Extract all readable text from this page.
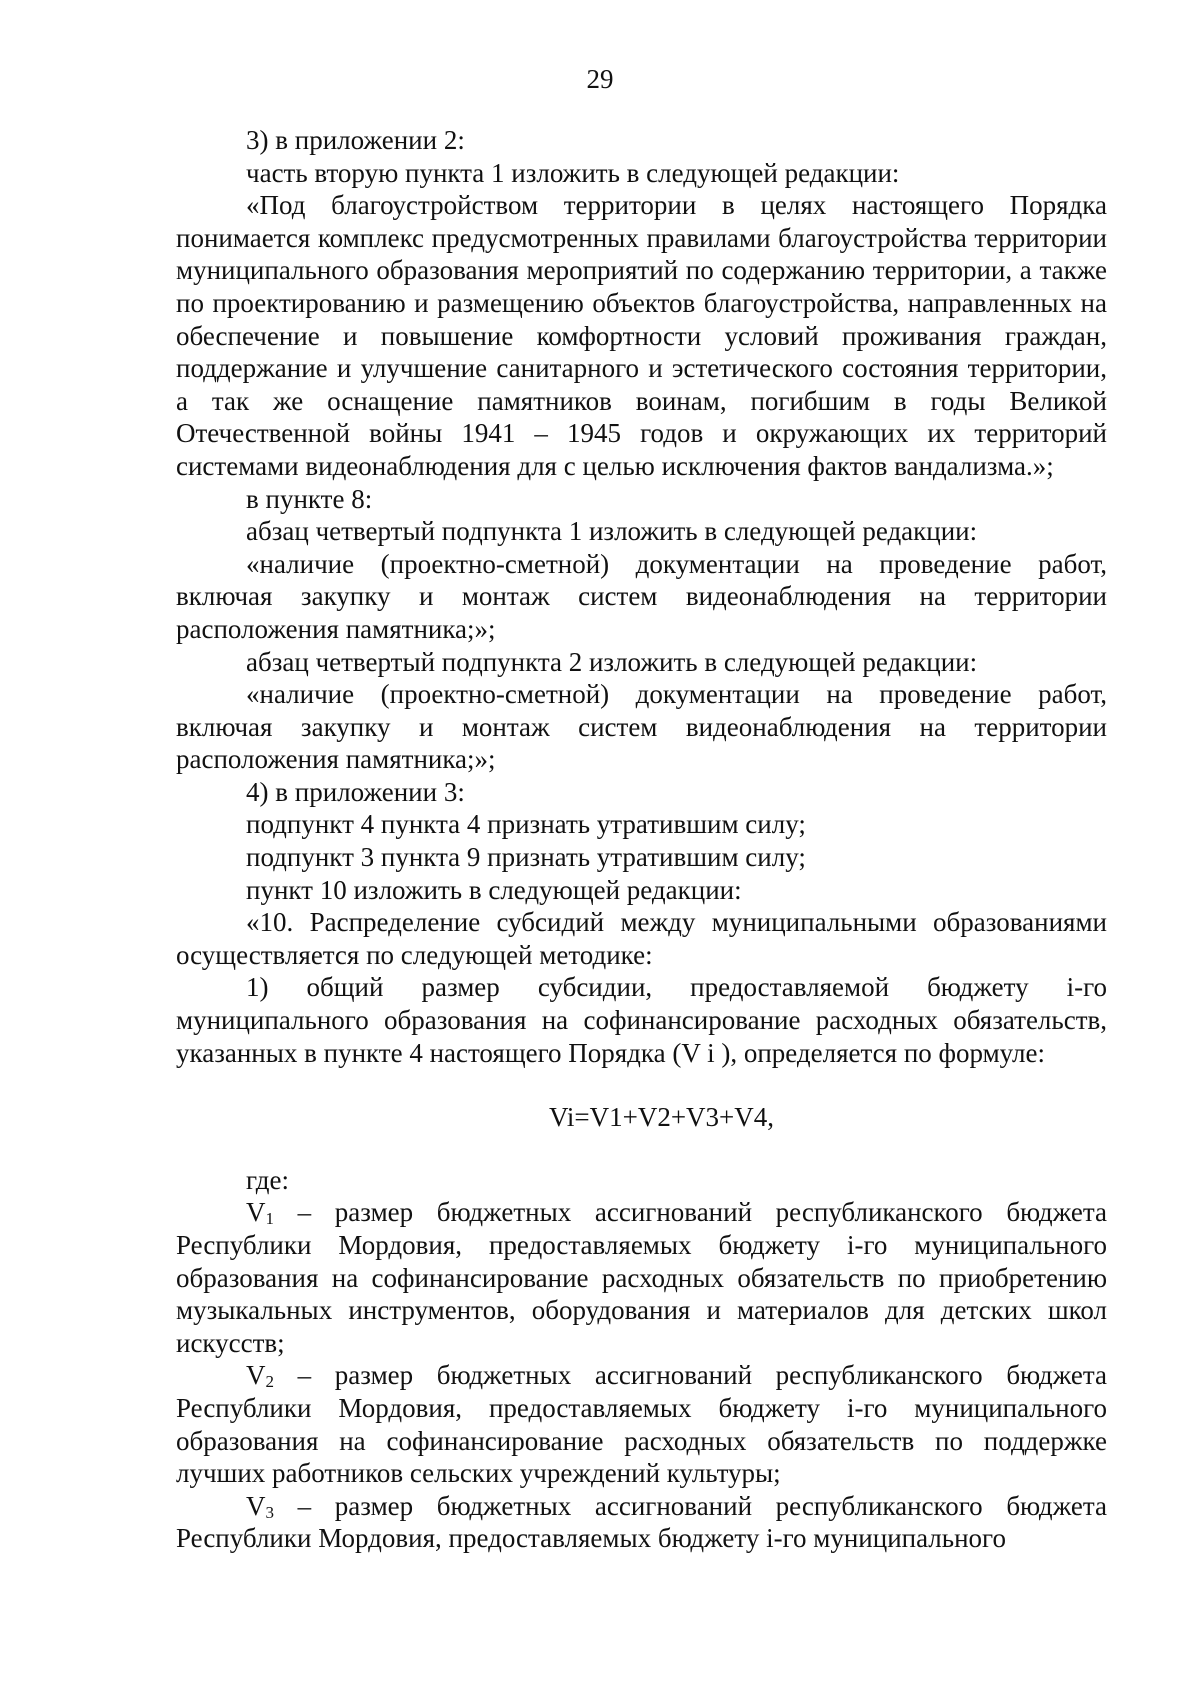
29

3) в приложении 2:

часть вторую пункта 1 изложить в следующей редакции:

«Под благоустройством территории в целях настоящего Порядка понимается комплекс предусмотренных правилами благоустройства территории муниципального образования мероприятий по содержанию территории, а также по проектированию и размещению объектов благоустройства, направленных на обеспечение и повышение комфортности условий проживания граждан, поддержание и улучшение санитарного и эстетического состояния территории, а так же оснащение памятников воинам, погибшим в годы Великой Отечественной войны 1941 – 1945 годов и окружающих их территорий системами видеонаблюдения для с целью исключения фактов вандализма.»;

в пункте 8:

абзац четвертый подпункта 1 изложить в следующей редакции:

«наличие (проектно-сметной) документации на проведение работ, включая закупку и монтаж систем видеонаблюдения на территории расположения памятника;»;

абзац четвертый подпункта 2 изложить в следующей редакции:

«наличие (проектно-сметной) документации на проведение работ, включая закупку и монтаж систем видеонаблюдения на территории расположения памятника;»;

4) в приложении 3:

подпункт 4 пункта 4 признать утратившим силу;

подпункт 3 пункта 9 признать утратившим силу;

пункт 10 изложить в следующей редакции:

«10. Распределение субсидий между муниципальными образованиями осуществляется по следующей методике:

1) общий размер субсидии, предоставляемой бюджету i-го муниципального образования на софинансирование расходных обязательств, указанных в пункте 4 настоящего Порядка (V i ), определяется по формуле:

Vi=V1+V2+V3+V4,

где:

$V_1$ – размер бюджетных ассигнований республиканского бюджета Республики Мордовия, предоставляемых бюджету i-го муниципального образования на софинансирование расходных обязательств по приобретению музыкальных инструментов, оборудования и материалов для детских школ искусств;

$V_2$ – размер бюджетных ассигнований республиканского бюджета Республики Мордовия, предоставляемых бюджету i-го муниципального образования на софинансирование расходных обязательств по поддержке лучших работников сельских учреждений культуры;

$V_3$ – размер бюджетных ассигнований республиканского бюджета Республики Мордовия, предоставляемых бюджету i-го муниципального
